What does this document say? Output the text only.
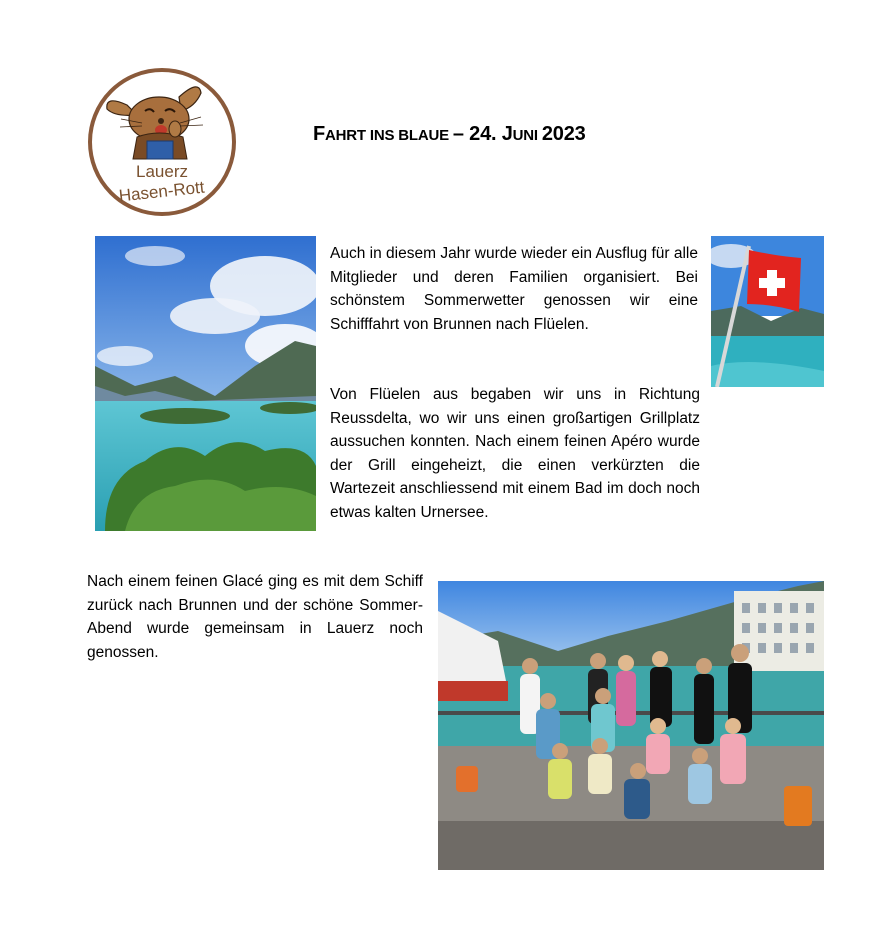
Lauerz
Hasen-Rott
FAHRT INS BLAUE – 24. JUNI 2023

Auch in diesem Jahr wurde wieder ein Ausflug für alle Mitglieder und deren Familien organisiert. Bei schönstem Sommerwetter genossen wir eine Schifffahrt von Brunnen nach Flüelen.

Von Flüelen aus begaben wir uns in Richtung Reussdelta, wo wir uns einen großartigen Grillplatz aussuchen konnten. Nach einem feinen Apéro wurde der Grill eingeheizt, die einen verkürzten die Wartezeit anschliessend mit einem Bad im doch noch etwas kalten Urnersee.

Nach einem feinen Glacé ging es mit dem Schiff zurück nach Brunnen und der schöne Sommer-Abend wurde gemeinsam in Lauerz noch genossen.
